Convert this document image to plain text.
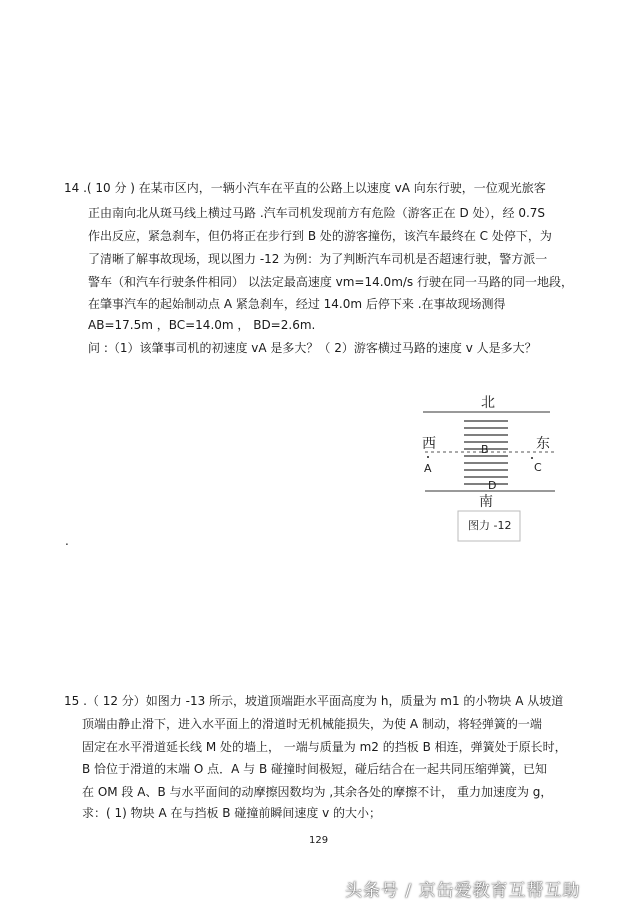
14 .( 10 分 ) 在某市区内，一辆小汽车在平直的公路上以速度 vA 向东行驶，一位观光旅客
正由南向北从斑马线上横过马路 .汽车司机发现前方有危险（游客正在 D 处），经 0.7S
作出反应，紧急刹车，但仍将正在步行到 B 处的游客撞伤，该汽车最终在 C 处停下，为
了清晰了解事故现场，现以图力 -12 为例：为了判断汽车司机是否超速行驶，警方派一
警车（和汽车行驶条件相同） 以法定最高速度 vm=14.0m/s 行驶在同一马路的同一地段，
在肇事汽车的起始制动点 A 紧急刹车，经过 14.0m 后停下来 .在事故现场测得
AB=17.5m ，BC=14.0m ， BD=2.6m.
问 :（1）该肇事司机的初速度 vA 是多大？（ 2）游客横过马路的速度 v 人是多大？
北
西	东
A
B
C
D
南
图力 -12
.
15 .（ 12 分）如图力 -13 所示，坡道顶端距水平面高度为 h，质量为 m1 的小物块 A 从坡道
顶端由静止滑下，进入水平面上的滑道时无机械能损失，为使 A 制动，将轻弹簧的一端
固定在水平滑道延长线 M 处的墙上， 一端与质量为 m2 的挡板 B 相连，弹簧处于原长时，
B 恰位于滑道的末端 O 点．A 与 B 碰撞时间极短，碰后结合在一起共同压缩弹簧，已知
在 OM 段 A、B 与水平面间的动摩擦因数均为 ,其余各处的摩擦不计， 重力加速度为 g，
求：( 1) 物块 A 在与挡板 B 碰撞前瞬间速度 v 的大小；
129
头条号 / 京缶爱教育互帮互助
